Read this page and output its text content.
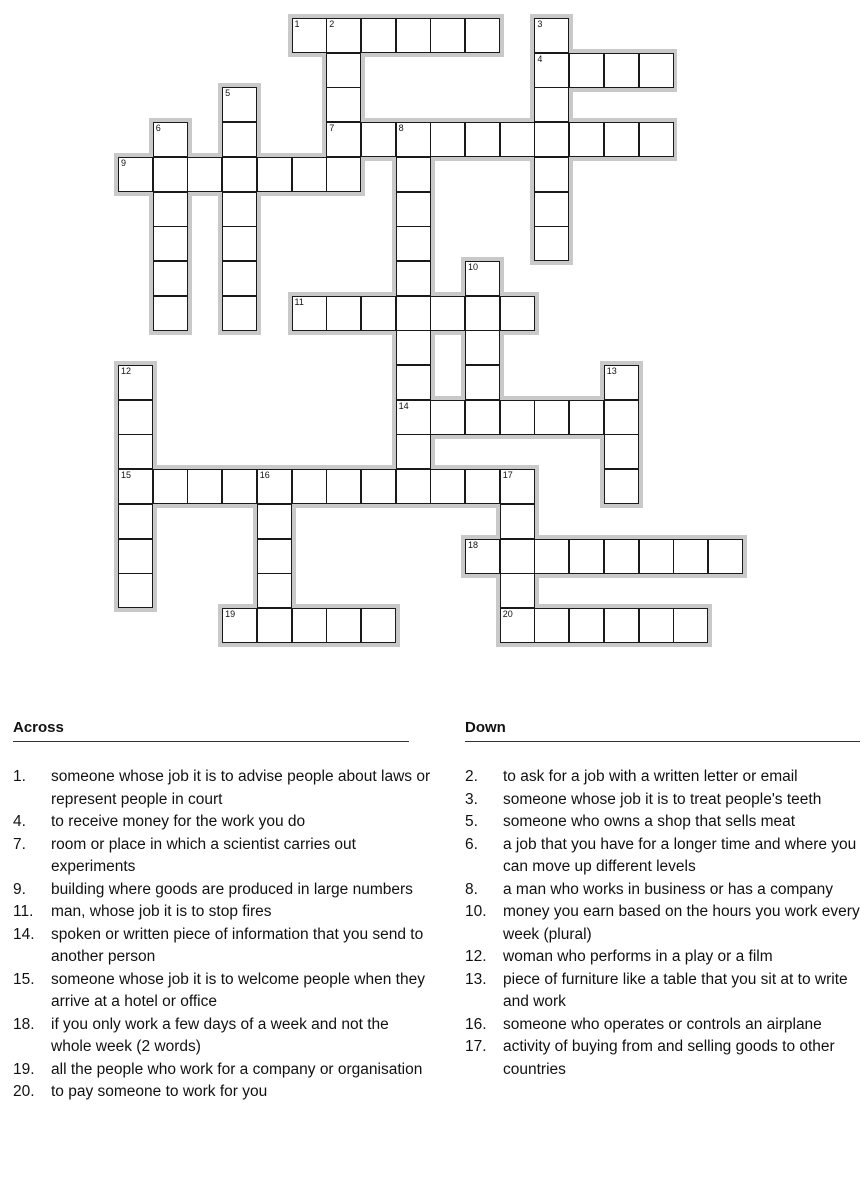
1	2
4
7	8
9
11
14
15	16	17
18
19	20
3
5
6
10
12	13
Across
1.	someone whose job it is to advise people about laws or represent people in court
4.	to receive money for the work you do
7.	room or place in which a scientist carries out experiments
9.	building where goods are produced in large numbers
11.	man, whose job it is to stop fires
14.	spoken or written piece of information that you send to another person
15.	someone whose job it is to welcome people when they arrive at a hotel or office
18.	if you only work a few days of a week and not the whole week (2 words)
19.	all the people who work for a company or organisation
20.	to pay someone to work for you
Down
2.	to ask for a job with a written letter or email
3.	someone whose job it is to treat people's teeth
5.	someone who owns a shop that sells meat
6.	a job that you have for a longer time and where you can move up different levels
8.	a man who works in business or has a company
10.	money you earn based on the hours you work every week (plural)
12.	woman who performs in a play or a film
13.	piece of furniture like a table that you sit at to write and work
16.	someone who operates or controls an airplane
17.	activity of buying from and selling goods to other countries
